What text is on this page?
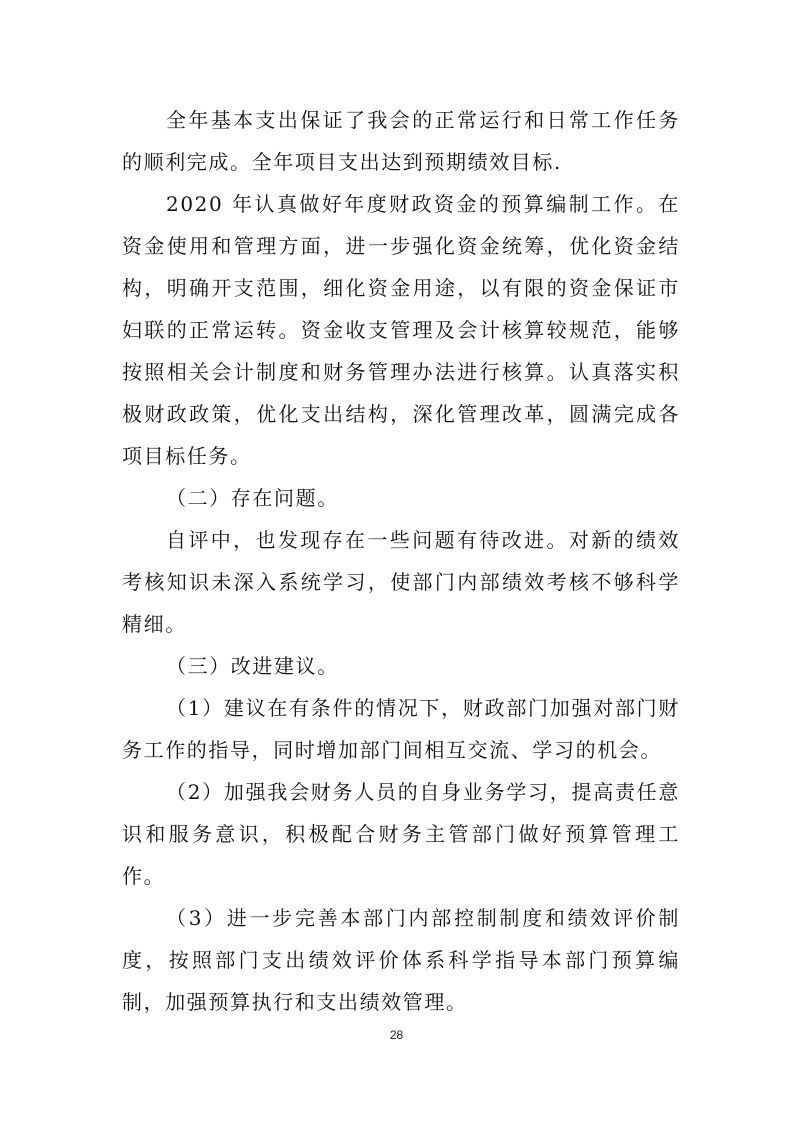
全年基本支出保证了我会的正常运行和日常工作任务的顺利完成。全年项目支出达到预期绩效目标.

2020 年认真做好年度财政资金的预算编制工作。在资金使用和管理方面，进一步强化资金统筹，优化资金结构，明确开支范围，细化资金用途，以有限的资金保证市妇联的正常运转。资金收支管理及会计核算较规范，能够按照相关会计制度和财务管理办法进行核算。认真落实积极财政政策，优化支出结构，深化管理改革，圆满完成各项目标任务。

（二）存在问题。

自评中，也发现存在一些问题有待改进。对新的绩效考核知识未深入系统学习，使部门内部绩效考核不够科学精细。

（三）改进建议。

（1）建议在有条件的情况下，财政部门加强对部门财务工作的指导，同时增加部门间相互交流、学习的机会。

（2）加强我会财务人员的自身业务学习，提高责任意识和服务意识，积极配合财务主管部门做好预算管理工作。

（3）进一步完善本部门内部控制制度和绩效评价制度，按照部门支出绩效评价体系科学指导本部门预算编制，加强预算执行和支出绩效管理。

28
